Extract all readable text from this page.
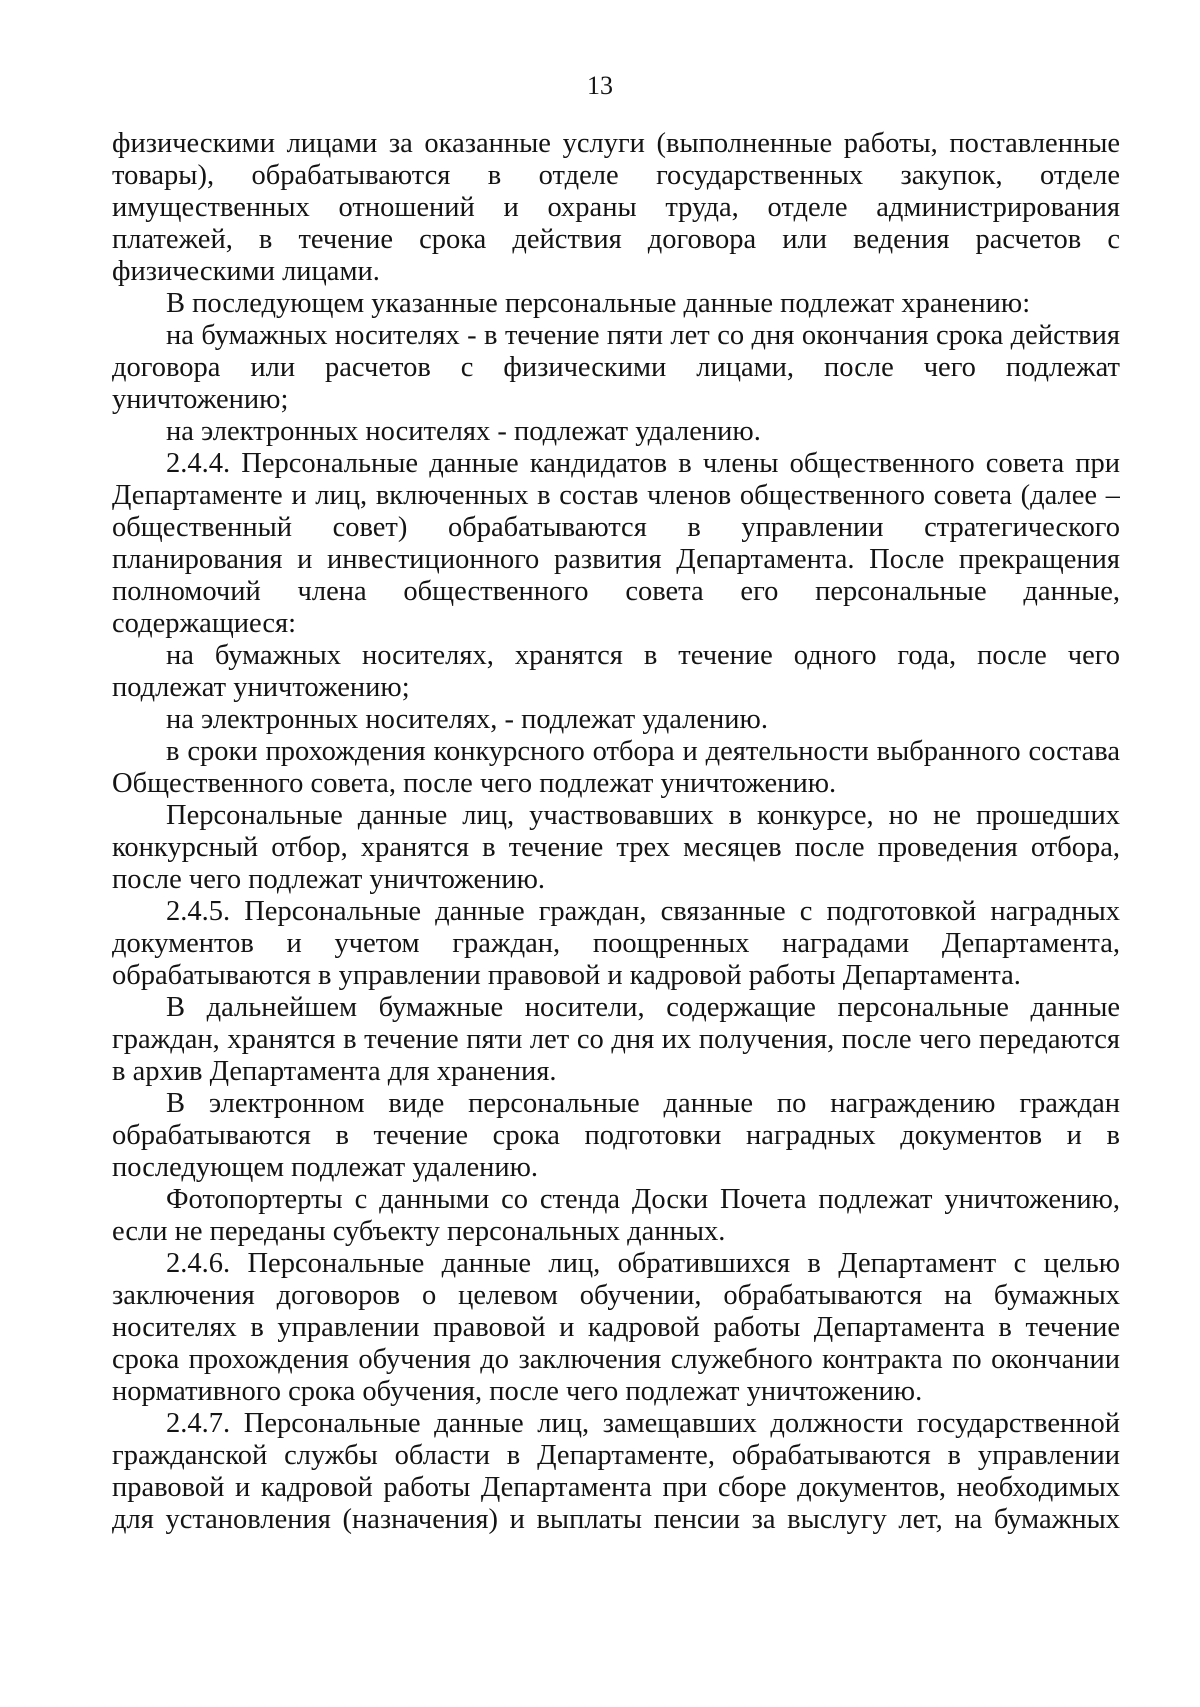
13
физическими лицами за оказанные услуги (выполненные работы, поставленные
товары), обрабатываются в отделе государственных закупок, отделе
имущественных отношений и охраны труда, отделе администрирования
платежей, в течение срока действия договора или ведения расчетов с
физическими лицами.
В последующем указанные персональные данные подлежат хранению:
на бумажных носителях - в течение пяти лет со дня окончания срока действия
договора или расчетов с физическими лицами, после чего подлежат
уничтожению;
на электронных носителях - подлежат удалению.
2.4.4. Персональные данные кандидатов в члены общественного совета при
Департаменте и лиц, включенных в состав членов общественного совета (далее –
общественный совет) обрабатываются в управлении стратегического
планирования и инвестиционного развития Департамента. После прекращения
полномочий члена общественного совета его персональные данные,
содержащиеся:
на бумажных носителях, хранятся в течение одного года, после чего
подлежат уничтожению;
на электронных носителях, - подлежат удалению.
в сроки прохождения конкурсного отбора и деятельности выбранного состава
Общественного совета, после чего подлежат уничтожению.
Персональные данные лиц, участвовавших в конкурсе, но не прошедших
конкурсный отбор, хранятся в течение трех месяцев после проведения отбора,
после чего подлежат уничтожению.
2.4.5. Персональные данные граждан, связанные с подготовкой наградных
документов и учетом граждан, поощренных наградами Департамента,
обрабатываются в управлении правовой и кадровой работы Департамента.
В дальнейшем бумажные носители, содержащие персональные данные
граждан, хранятся в течение пяти лет со дня их получения, после чего передаются
в архив Департамента для хранения.
В электронном виде персональные данные по награждению граждан
обрабатываются в течение срока подготовки наградных документов и в
последующем подлежат удалению.
Фотопортерты с данными со стенда Доски Почета подлежат уничтожению,
если не переданы субъекту персональных данных.
2.4.6. Персональные данные лиц, обратившихся в Департамент с целью
заключения договоров о целевом обучении, обрабатываются на бумажных
носителях в управлении правовой и кадровой работы Департамента в течение
срока прохождения обучения до заключения служебного контракта по окончании
нормативного срока обучения, после чего подлежат уничтожению.
2.4.7. Персональные данные лиц, замещавших должности государственной
гражданской службы области в Департаменте, обрабатываются в управлении
правовой и кадровой работы Департамента при сборе документов, необходимых
для установления (назначения) и выплаты пенсии за выслугу лет, на бумажных
